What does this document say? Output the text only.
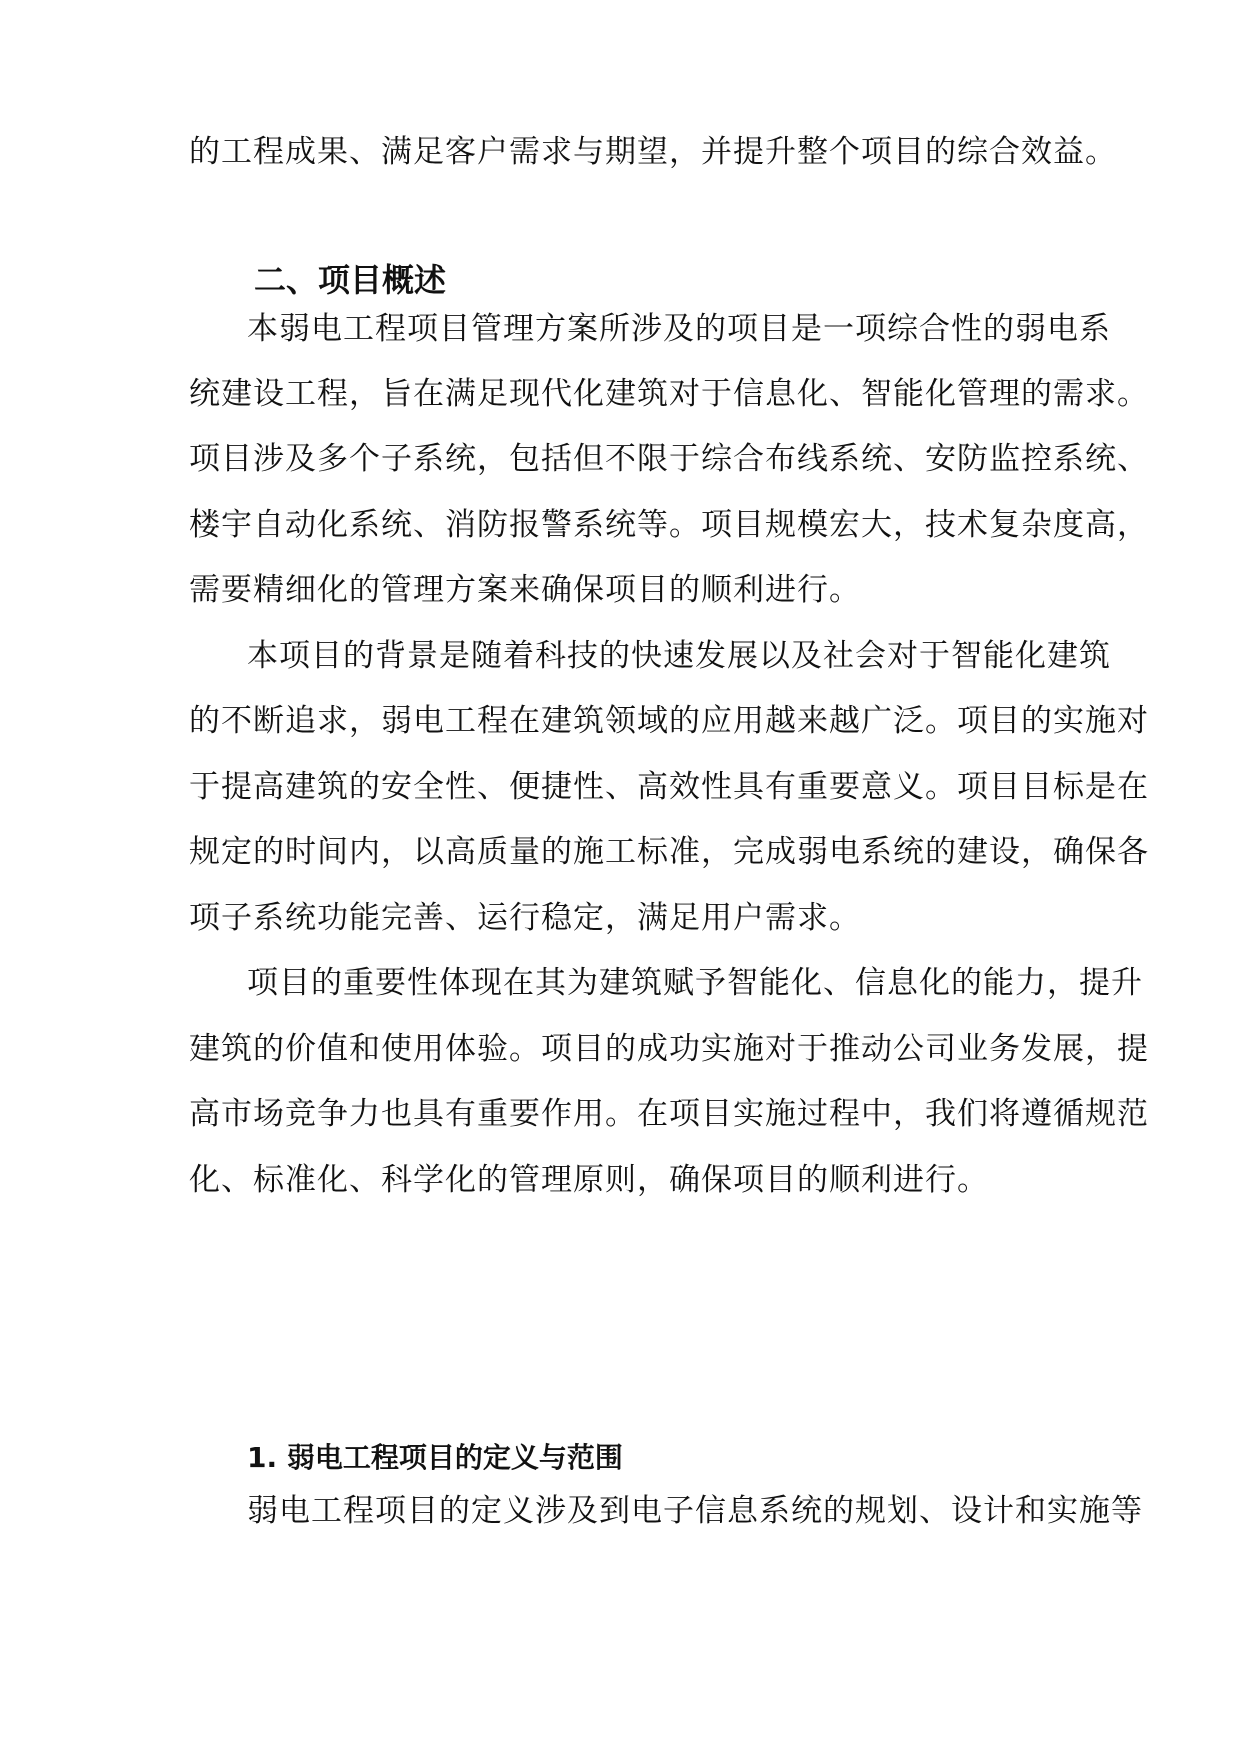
的工程成果、满足客户需求与期望，并提升整个项目的综合效益。
二、项目概述
本弱电工程项目管理方案所涉及的项目是一项综合性的弱电系
统建设工程，旨在满足现代化建筑对于信息化、智能化管理的需求。
项目涉及多个子系统，包括但不限于综合布线系统、安防监控系统、
楼宇自动化系统、消防报警系统等。项目规模宏大，技术复杂度高，
需要精细化的管理方案来确保项目的顺利进行。
本项目的背景是随着科技的快速发展以及社会对于智能化建筑
的不断追求，弱电工程在建筑领域的应用越来越广泛。项目的实施对
于提高建筑的安全性、便捷性、高效性具有重要意义。项目目标是在
规定的时间内，以高质量的施工标准，完成弱电系统的建设，确保各
项子系统功能完善、运行稳定，满足用户需求。
项目的重要性体现在其为建筑赋予智能化、信息化的能力，提升
建筑的价值和使用体验。项目的成功实施对于推动公司业务发展，提
高市场竞争力也具有重要作用。在项目实施过程中，我们将遵循规范
化、标准化、科学化的管理原则，确保项目的顺利进行。
1. 弱电工程项目的定义与范围
弱电工程项目的定义涉及到电子信息系统的规划、设计和实施等
